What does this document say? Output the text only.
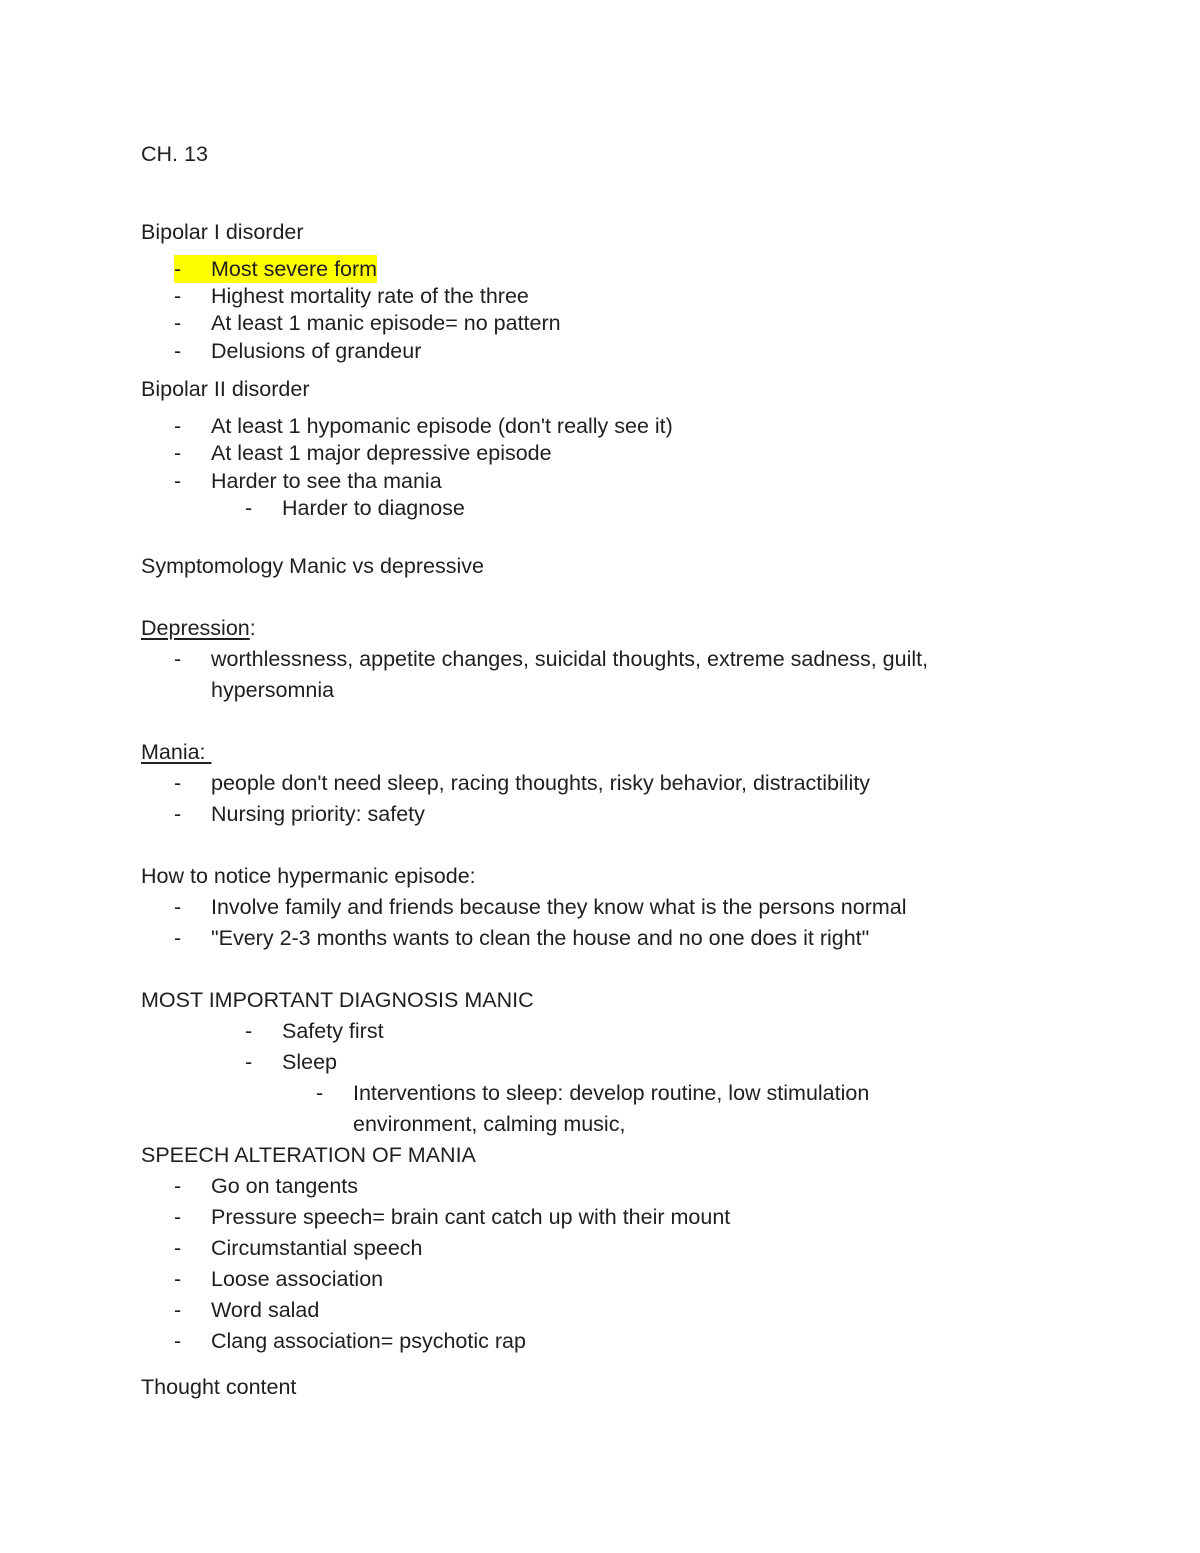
CH. 13

Bipolar I disorder

-	Most severe form

- Highest mortality rate of the three

- At least 1 manic episode= no pattern

- Delusions of grandeur

Bipolar II disorder

- At least 1 hypomanic episode (don't really see it)

- At least 1 major depressive episode

- Harder to see tha mania

- Harder to diagnose

Symptomology Manic vs depressive

Depression:

- worthlessness, appetite changes, suicidal thoughts, extreme sadness, guilt,

hypersomnia

Mania:

- people don't need sleep, racing thoughts, risky behavior, distractibility

- Nursing priority: safety

How to notice hypermanic episode:

- Involve family and friends because they know what is the persons normal

- "Every 2-3 months wants to clean the house and no one does it right"

MOST IMPORTANT DIAGNOSIS MANIC

- Safety first

- Sleep

- Interventions to sleep: develop routine, low stimulation

environment, calming music,

SPEECH ALTERATION OF MANIA

- Go on tangents

- Pressure speech= brain cant catch up with their mount

- Circumstantial speech

- Loose association

- Word salad

- Clang association= psychotic rap

Thought content
